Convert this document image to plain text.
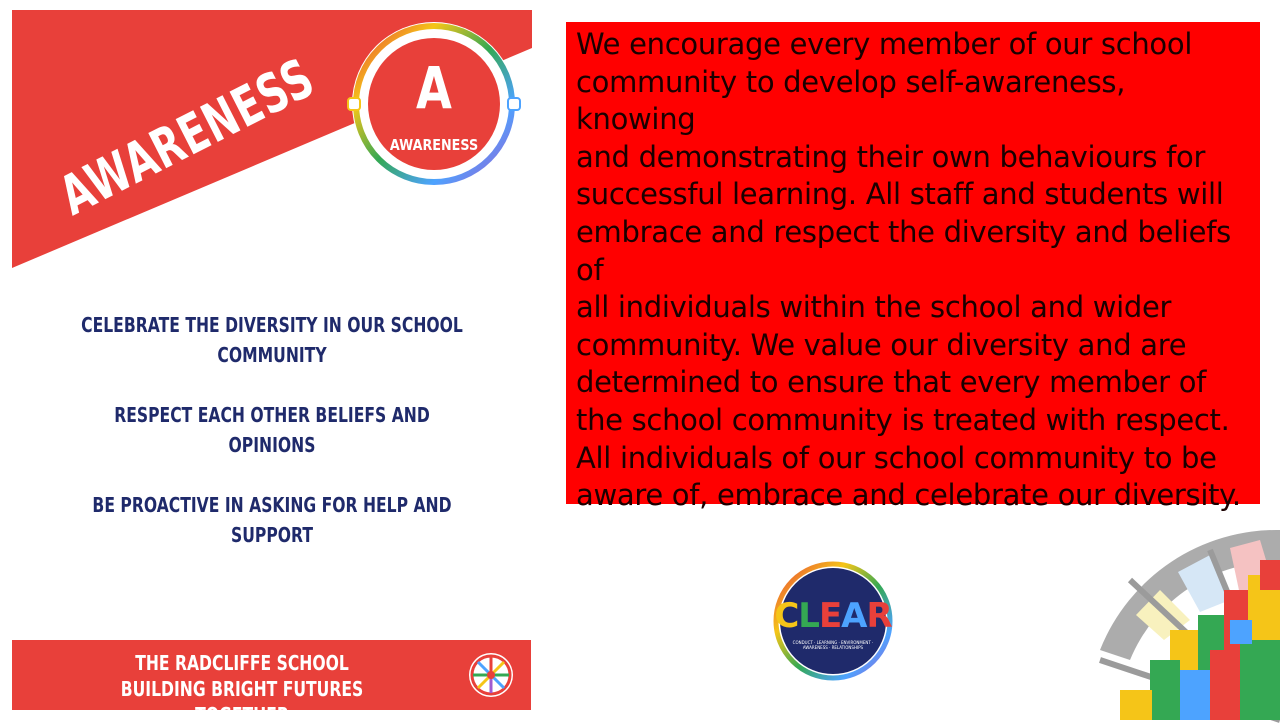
AWARENESS	A
AWARENESS
CELEBRATE THE DIVERSITY IN OUR SCHOOL
COMMUNITY
RESPECT EACH OTHER BELIEFS AND OPINIONS
BE PROACTIVE IN ASKING FOR HELP AND
SUPPORT
THE RADCLIFFE SCHOOL
BUILDING BRIGHT FUTURES TOGETHER
We encourage every member of our school
community to develop self-awareness, knowing
and demonstrating their own behaviours for
successful learning. All staff and students will
embrace and respect the diversity and beliefs of
all individuals within the school and wider
community. We value our diversity and are
determined to ensure that every member of
the school community is treated with respect.
All individuals of our school community to be
aware of, embrace and celebrate our diversity.
CLEAR
CONDUCT · LEARNING · ENVIRONMENT · AWARENESS · RELATIONSHIPS
